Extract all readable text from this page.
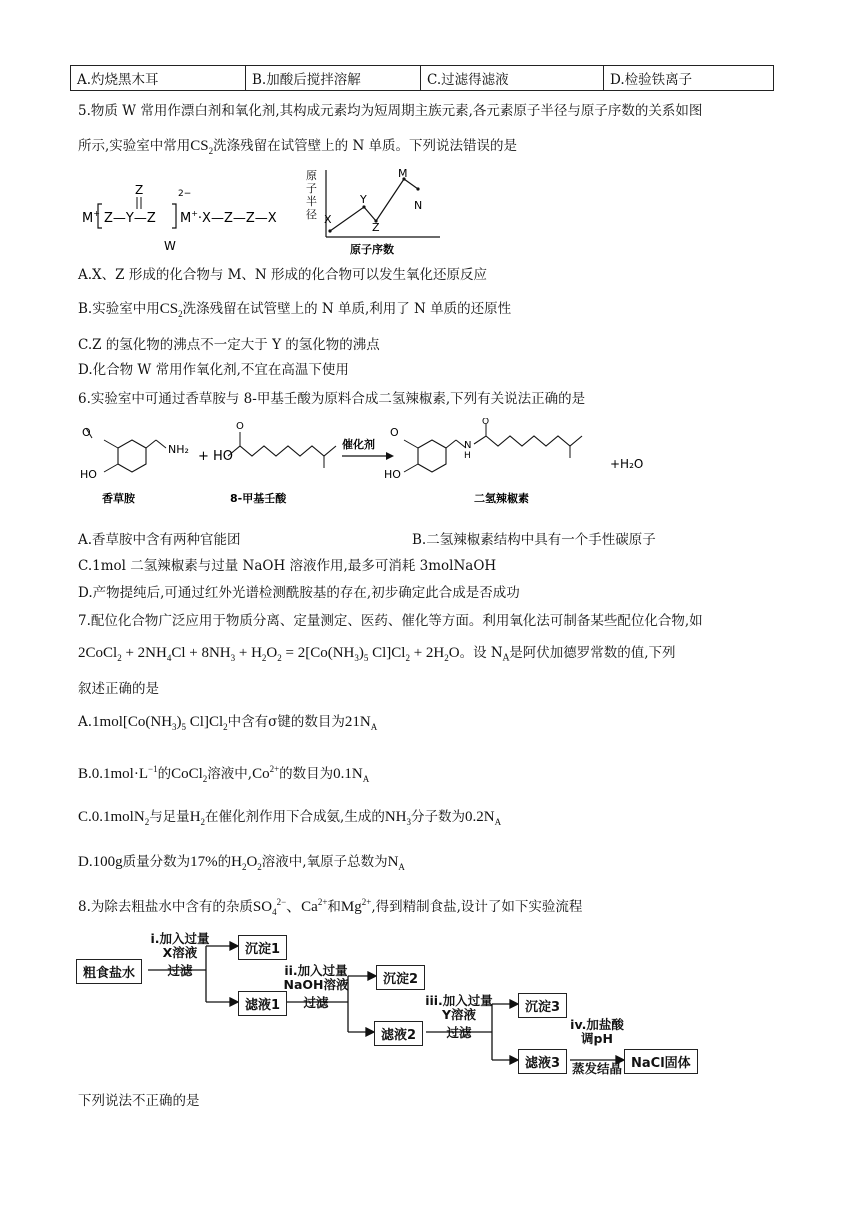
A.灼烧黑木耳	B.加酸后搅拌溶解	C.过滤得滤液	D.检验铁离子
5.物质 W 常用作漂白剂和氧化剂,其构成元素均为短周期主族元素,各元素原子半径与原子序数的关系如图
所示,实验室中常用$CS_2$洗涤残留在试管壁上的 N 单质。下列说法错误的是
M+ Z—Y—Z
Z	2−
M+·X—Z—Z—X
W
原
子
半
径 X
Y
Z
M
N
原子序数
A.X、Z 形成的化合物与 M、N 形成的化合物可以发生氧化还原反应
B.实验室中用$CS_2$洗涤残留在试管壁上的 N 单质,利用了 N 单质的还原性
C.Z 的氢化物的沸点不一定大于 Y 的氢化物的沸点
D.化合物 W 常用作氧化剂,不宜在高温下使用
6.实验室中可通过香草胺与 8-甲基壬酸为原料合成二氢辣椒素,下列有关说法正确的是
O
HO
NH₂
香草胺
+ HO
O
8-甲基壬酸
催化剂
O
HO
N
H
O
二氢辣椒素
+H₂O
A.香草胺中含有两种官能团	B.二氢辣椒素结构中具有一个手性碳原子
C.1mol 二氢辣椒素与过量 NaOH 溶液作用,最多可消耗 3molNaOH
D.产物提纯后,可通过红外光谱检测酰胺基的存在,初步确定此合成是否成功
7.配位化合物广泛应用于物质分离、定量测定、医药、催化等方面。利用氧化法可制备某些配位化合物,如
2CoCl$_2$ + $2NH_4Cl + 8NH_3 + H_2O_2 = 2[Co(NH_3)_5$ $Cl]Cl_2 + 2H_2O$。设 $N_A$是阿伏加德罗常数的值,下列
叙述正确的是
$A.1mol[Co(NH_3)_5$ $Cl]Cl_2$中含有σ键的数目为$21N_A$
$B.0.1mol\cdot L^{-1}$的CoCl$_2$溶液中$,Co^{2+}$的数目为$0.1N_A$
C.0.1molN$_2$与足量$H_2$在催化剂作用下合成氨,生成的$NH_3$分子数为$0.2N_A$
D.100g质量分数为17%的$H_2O_2$溶液中,氧原子总数为$N_A$
8.为除去粗盐水中含有的杂质$SO_4^{2-}$、$Ca^{2+}$和$Mg^{2+}$,得到精制食盐,设计了如下实验流程
粗食盐水
沉淀1
滤液1
沉淀2
滤液2
沉淀3
滤液3	NaCl固体
i.加入过量
X溶液
过滤	ii.加入过量
NaOH溶液
过滤	iii.加入过量
Y溶液
过滤
iv.加盐酸
调pH
蒸发结晶
下列说法不正确的是
